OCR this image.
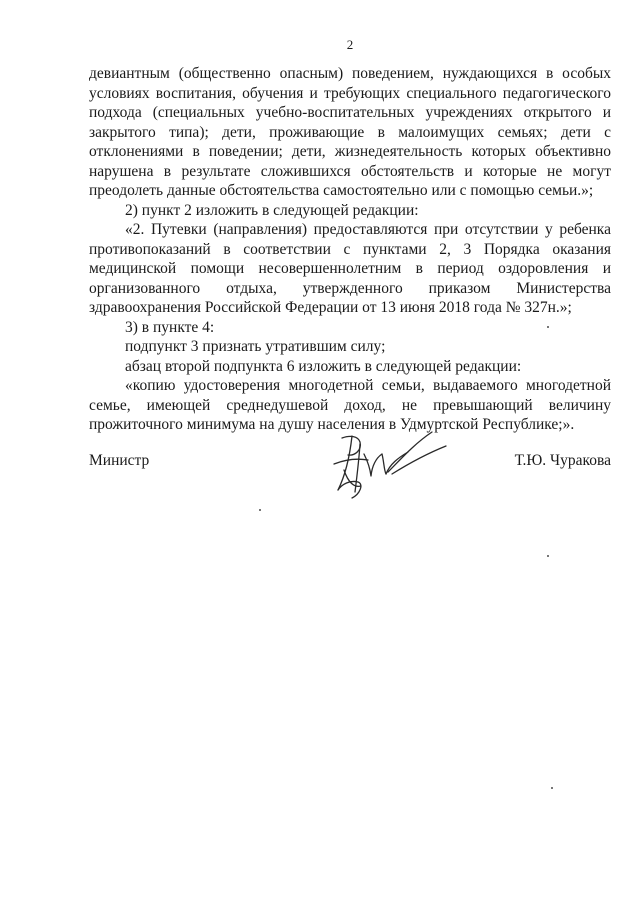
2

девиантным (общественно опасным) поведением, нуждающихся в особых условиях воспитания, обучения и требующих специального педагогического подхода (специальных учебно-воспитательных учреждениях открытого и закрытого типа); дети, проживающие в малоимущих семьях; дети с отклонениями в поведении; дети, жизнедеятельность которых объективно нарушена в результате сложившихся обстоятельств и которые не могут преодолеть данные обстоятельства самостоятельно или с помощью семьи.»;

2) пункт 2 изложить в следующей редакции:

«2. Путевки (направления) предоставляются при отсутствии у ребенка противопоказаний в соответствии с пунктами 2, 3 Порядка оказания медицинской помощи несовершеннолетним в период оздоровления и организованного отдыха, утвержденного приказом Министерства здравоохранения Российской Федерации от 13 июня 2018 года № 327н.»;

3) в пункте 4:

подпункт 3 признать утратившим силу;

абзац второй подпункта 6 изложить в следующей редакции:

«копию удостоверения многодетной семьи, выдаваемого многодетной семье, имеющей среднедушевой доход, не превышающий величину прожиточного минимума на душу населения в Удмуртской Республике;».

Министр	Т.Ю. Чуракова
